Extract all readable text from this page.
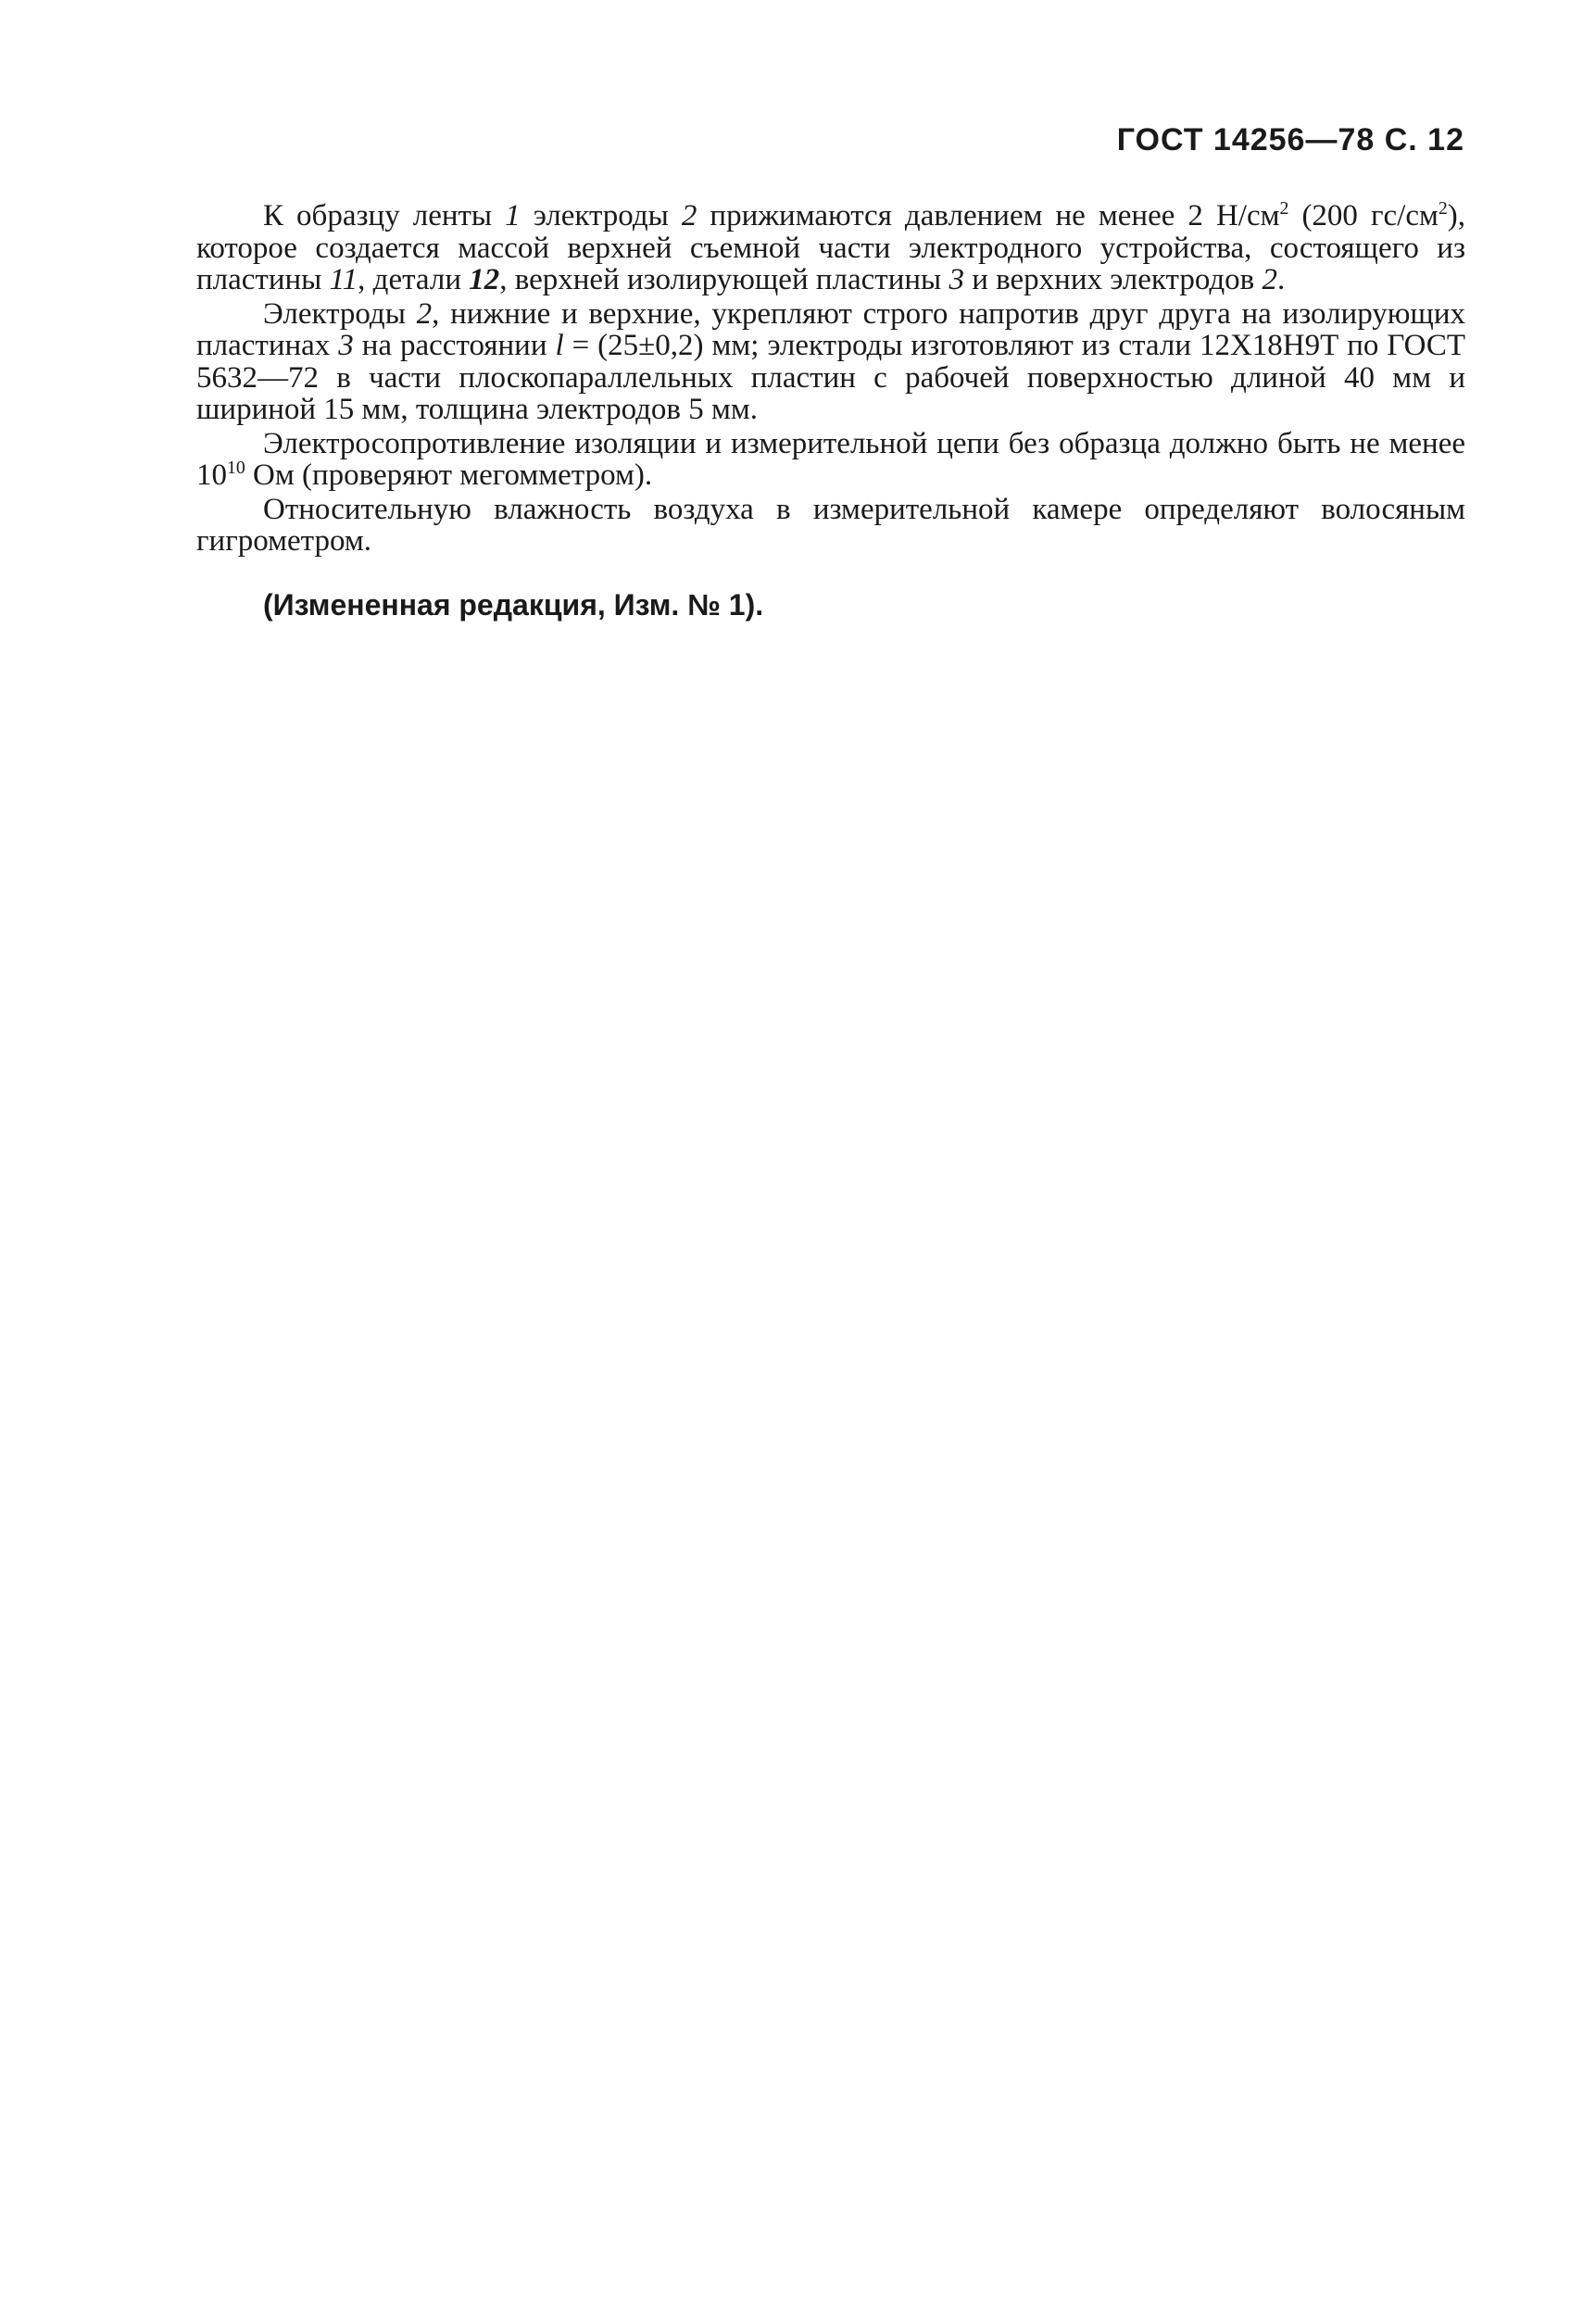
ГОСТ 14256—78 С. 12

К образцу ленты 1 электроды 2 прижимаются давлением не менее 2 $Н/см^2$ (200 $гс/см^2$), которое создается массой верхней съемной части электродного устройства, состоящего из пластины 11, детали 12, верхней изолирующей пластины 3 и верхних электродов 2.

Электроды 2, нижние и верхние, укрепляют строго напротив друг друга на изолирующих пластинах 3 на расстоянии l = (25±0,2) мм; электроды изготовляют из стали 12Х18Н9Т по ГОСТ 5632—72 в части плоскопараллельных пластин с рабочей поверхностью длиной 40 мм и шириной 15 мм, толщина электродов 5 мм.

Электросопротивление изоляции и измерительной цепи без образца должно быть не менее $10^{10}$ Ом (проверяют мегомметром).

Относительную влажность воздуха в измерительной камере определяют волосяным гигрометром.

(Измененная редакция, Изм. № 1).
